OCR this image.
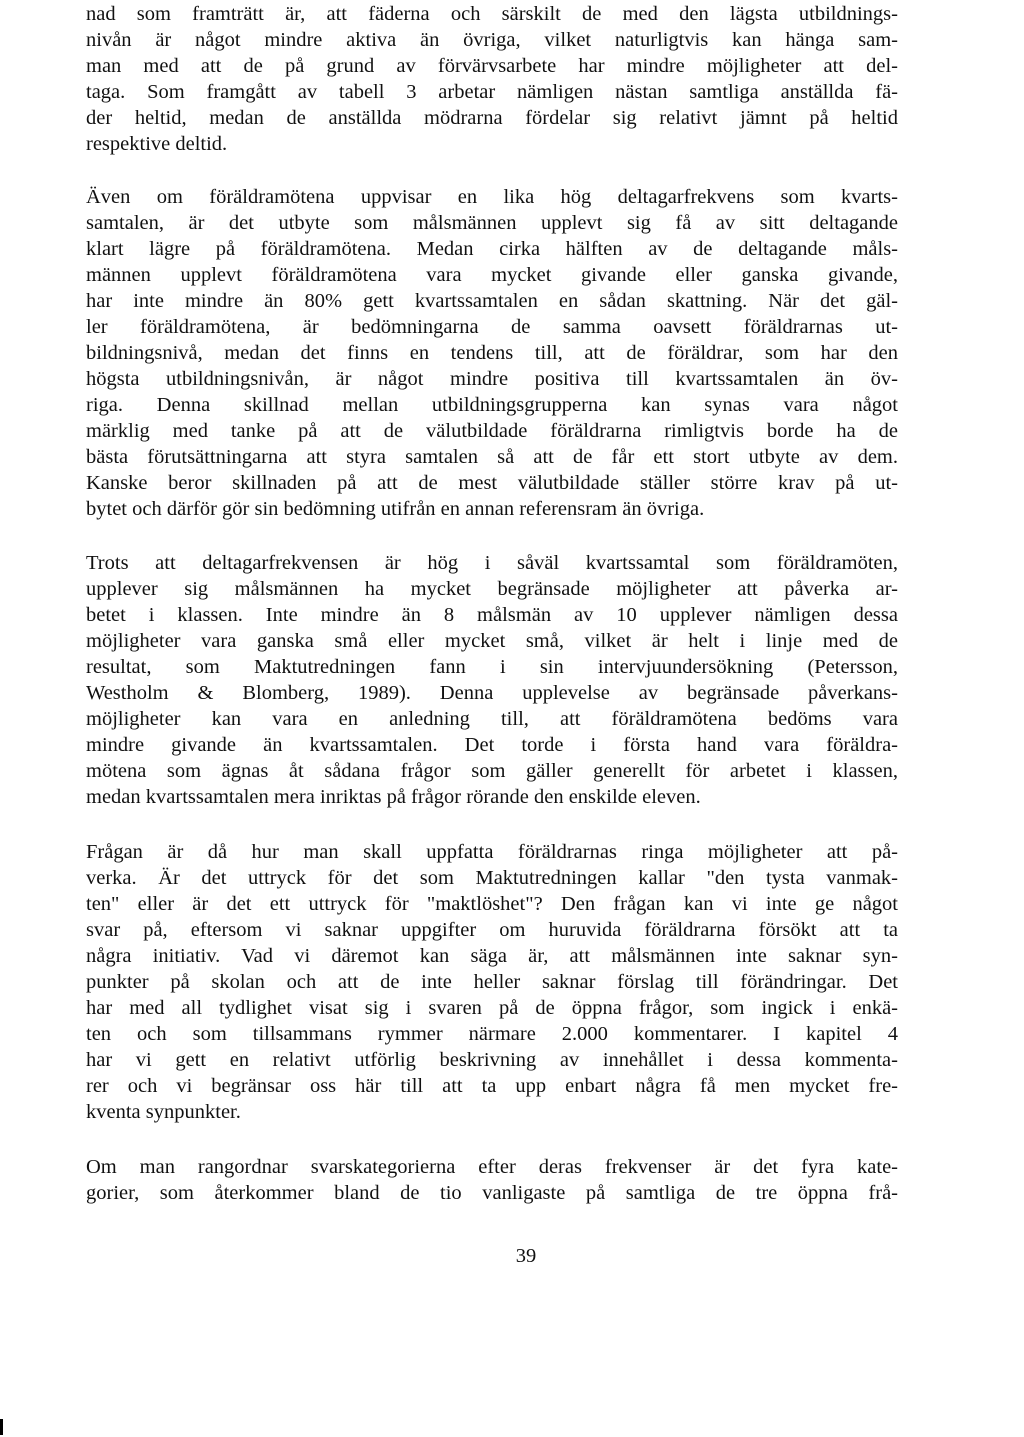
nad som framträtt är, att fäderna och särskilt de med den lägsta utbildnings-
nivån är något mindre aktiva än övriga, vilket naturligtvis kan hänga sam-
man med att de på grund av förvärvsarbete har mindre möjligheter att del-
taga. Som framgått av tabell 3 arbetar nämligen nästan samtliga anställda fä-
der heltid, medan de anställda mödrarna fördelar sig relativt jämnt på heltid
respektive deltid.
Även om föräldramötena uppvisar en lika hög deltagarfrekvens som kvarts-
samtalen, är det utbyte som målsmännen upplevt sig få av sitt deltagande
klart lägre på föräldramötena. Medan cirka hälften av de deltagande måls-
männen upplevt föräldramötena vara mycket givande eller ganska givande,
har inte mindre än 80% gett kvartssamtalen en sådan skattning. När det gäl-
ler föräldramötena, är bedömningarna de samma oavsett föräldrarnas ut-
bildningsnivå, medan det finns en tendens till, att de föräldrar, som har den
högsta utbildningsnivån, är något mindre positiva till kvartssamtalen än öv-
riga. Denna skillnad mellan utbildningsgrupperna kan synas vara något
märklig med tanke på att de välutbildade föräldrarna rimligtvis borde ha de
bästa förutsättningarna att styra samtalen så att de får ett stort utbyte av dem.
Kanske beror skillnaden på att de mest välutbildade ställer större krav på ut-
bytet och därför gör sin bedömning utifrån en annan referensram än övriga.
Trots att deltagarfrekvensen är hög i såväl kvartssamtal som föräldramöten,
upplever sig målsmännen ha mycket begränsade möjligheter att påverka ar-
betet i klassen. Inte mindre än 8 målsmän av 10 upplever nämligen dessa
möjligheter vara ganska små eller mycket små, vilket är helt i linje med de
resultat, som Maktutredningen fann i sin intervjuundersökning (Petersson,
Westholm & Blomberg, 1989). Denna upplevelse av begränsade påverkans-
möjligheter kan vara en anledning till, att föräldramötena bedöms vara
mindre givande än kvartssamtalen. Det torde i första hand vara föräldra-
mötena som ägnas åt sådana frågor som gäller generellt för arbetet i klassen,
medan kvartssamtalen mera inriktas på frågor rörande den enskilde eleven.
Frågan är då hur man skall uppfatta föräldrarnas ringa möjligheter att på-
verka. Är det uttryck för det som Maktutredningen kallar "den tysta vanmak-
ten" eller är det ett uttryck för "maktlöshet"? Den frågan kan vi inte ge något
svar på, eftersom vi saknar uppgifter om huruvida föräldrarna försökt att ta
några initiativ. Vad vi däremot kan säga är, att målsmännen inte saknar syn-
punkter på skolan och att de inte heller saknar förslag till förändringar. Det
har med all tydlighet visat sig i svaren på de öppna frågor, som ingick i enkä-
ten och som tillsammans rymmer närmare 2.000 kommentarer. I kapitel 4
har vi gett en relativt utförlig beskrivning av innehållet i dessa kommenta-
rer och vi begränsar oss här till att ta upp enbart några få men mycket fre-
kventa synpunkter.
Om man rangordnar svarskategorierna efter deras frekvenser är det fyra kate-
gorier, som återkommer bland de tio vanligaste på samtliga de tre öppna frå-
39
